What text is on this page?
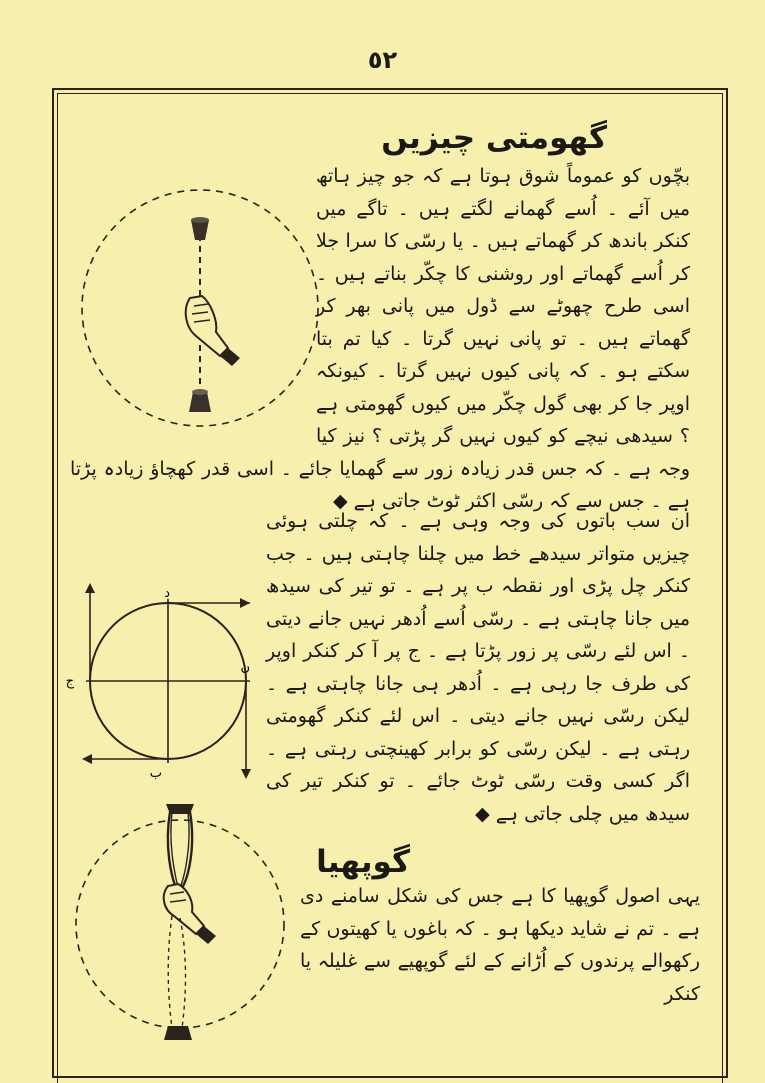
٥٢
گھومتی چیزیں
بچّوں کو عموماً شوق ہوتا ہے کہ جو چیز ہاتھ میں آئے ۔ اُسے گھمانے لگتے ہیں ۔ تاگے میں کنکر باندھ کر گھماتے ہیں ۔ یا رسّی کا سرا جلا کر اُسے گھماتے اور روشنی کا چکّر بناتے ہیں ۔ اسی طرح چھوٹے سے ڈول میں پانی بھر کر گھماتے ہیں ۔ تو پانی نہیں گرتا ۔ کیا تم بتا سکتے ہو ۔ کہ پانی کیوں نہیں گرتا ۔ کیونکہ اوپر جا کر بھی گول چکّر میں کیوں گھومتی ہے ؟ سیدھی نیچے کو کیوں نہیں گر پڑتی ؟ نیز کیا وجہ ہے ۔ کہ جس قدر زیادہ زور سے گھمایا جائے ۔ اسی قدر کھچاؤ زیادہ پڑتا ہے ۔ جس سے کہ رسّی اکثر ٹوٹ جاتی ہے ◆
د
ن
ب
ج
ان سب باتوں کی وجہ وہی ہے ۔ کہ چلتی ہوئی چیزیں متواتر سیدھے خط میں چلنا چاہتی ہیں ۔ جب کنکر چل پڑی اور نقطہ ب پر ہے ۔ تو تیر کی سیدھ میں جانا چاہتی ہے ۔ رسّی اُسے اُدھر نہیں جانے دیتی ۔ اس لئے رسّی پر زور پڑتا ہے ۔ ج پر آ کر کنکر اوپر کی طرف جا رہی ہے ۔ اُدھر ہی جانا چاہتی ہے ۔ لیکن رسّی نہیں جانے دیتی ۔ اس لئے کنکر گھومتی رہتی ہے ۔ لیکن رسّی کو برابر کھینچتی رہتی ہے ۔ اگر کسی وقت رسّی ٹوٹ جائے ۔ تو کنکر تیر کی سیدھ میں چلی جاتی ہے ◆
گوپھیا
یہی اصول گوپھیا کا ہے جس کی شکل سامنے دی ہے ۔ تم نے شاید دیکھا ہو ۔ کہ باغوں یا کھیتوں کے رکھوالے پرندوں کے اُڑانے کے لئے گوپھیے سے غلیلہ یا کنکر
